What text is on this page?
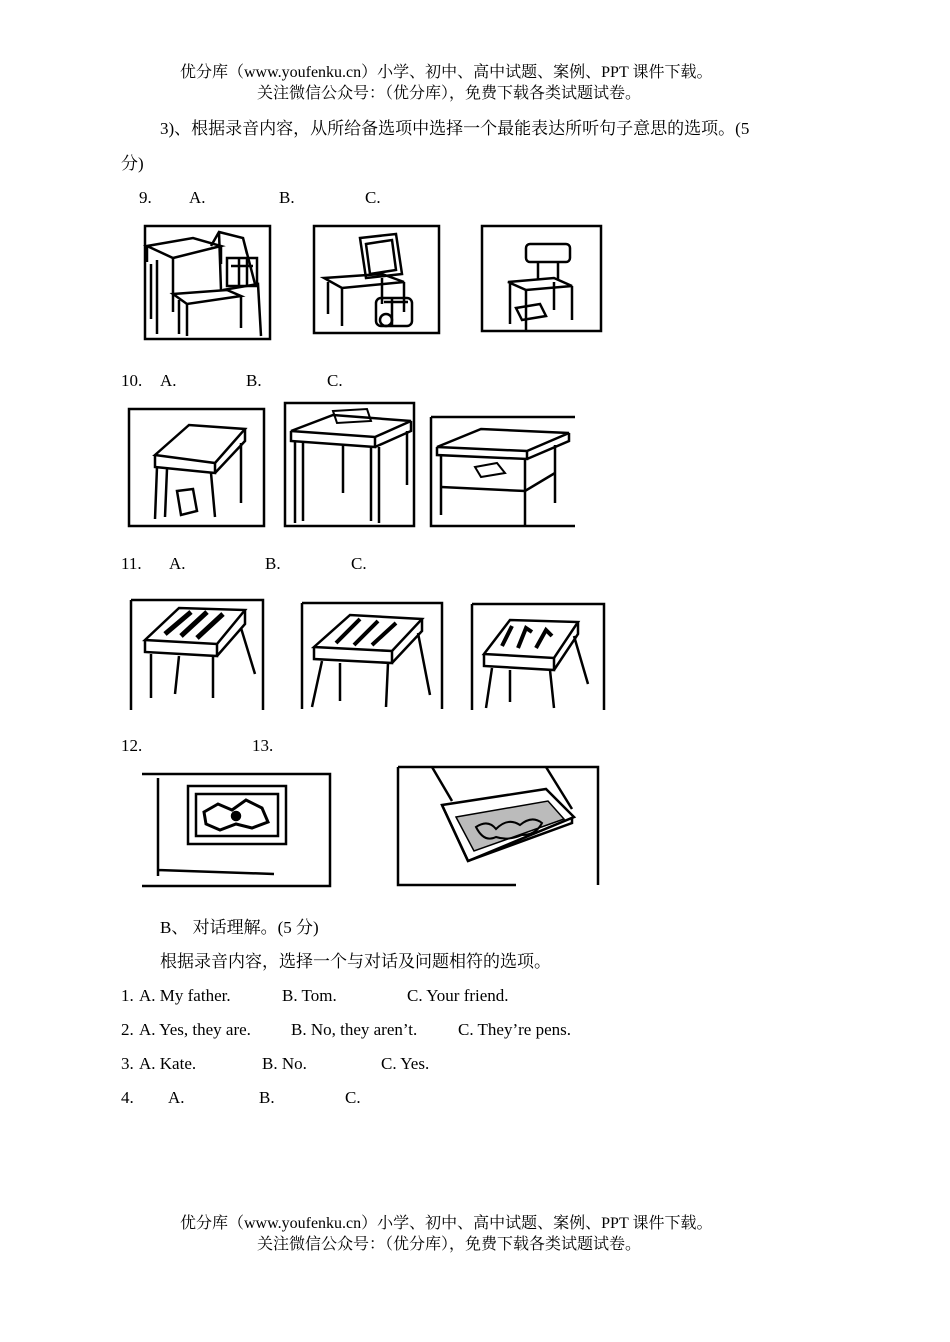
优分库（www.youfenku.cn）小学、初中、高中试题、案例、PPT 课件下载。
关注微信公众号：（优分库），免费下载各类试题试卷。
3)、根据录音内容，从所给备选项中选择一个最能表达所听句子意思的选项。(5
分)
9. A.	B.	C.
10. A.	B.	C.
11. A.	B.	C.
12.	13.
B、 对话理解。(5 分)
根据录音内容，选择一个与对话及问题相符的选项。
1. A. My father.	B. Tom.	C. Your friend.
2. A. Yes, they are. B. No, they aren’t. C. They’re pens.
3. A. Kate.	B. No.	C. Yes.
4. A.	B.	C.
优分库（www.youfenku.cn）小学、初中、高中试题、案例、PPT 课件下载。
关注微信公众号：（优分库），免费下载各类试题试卷。
